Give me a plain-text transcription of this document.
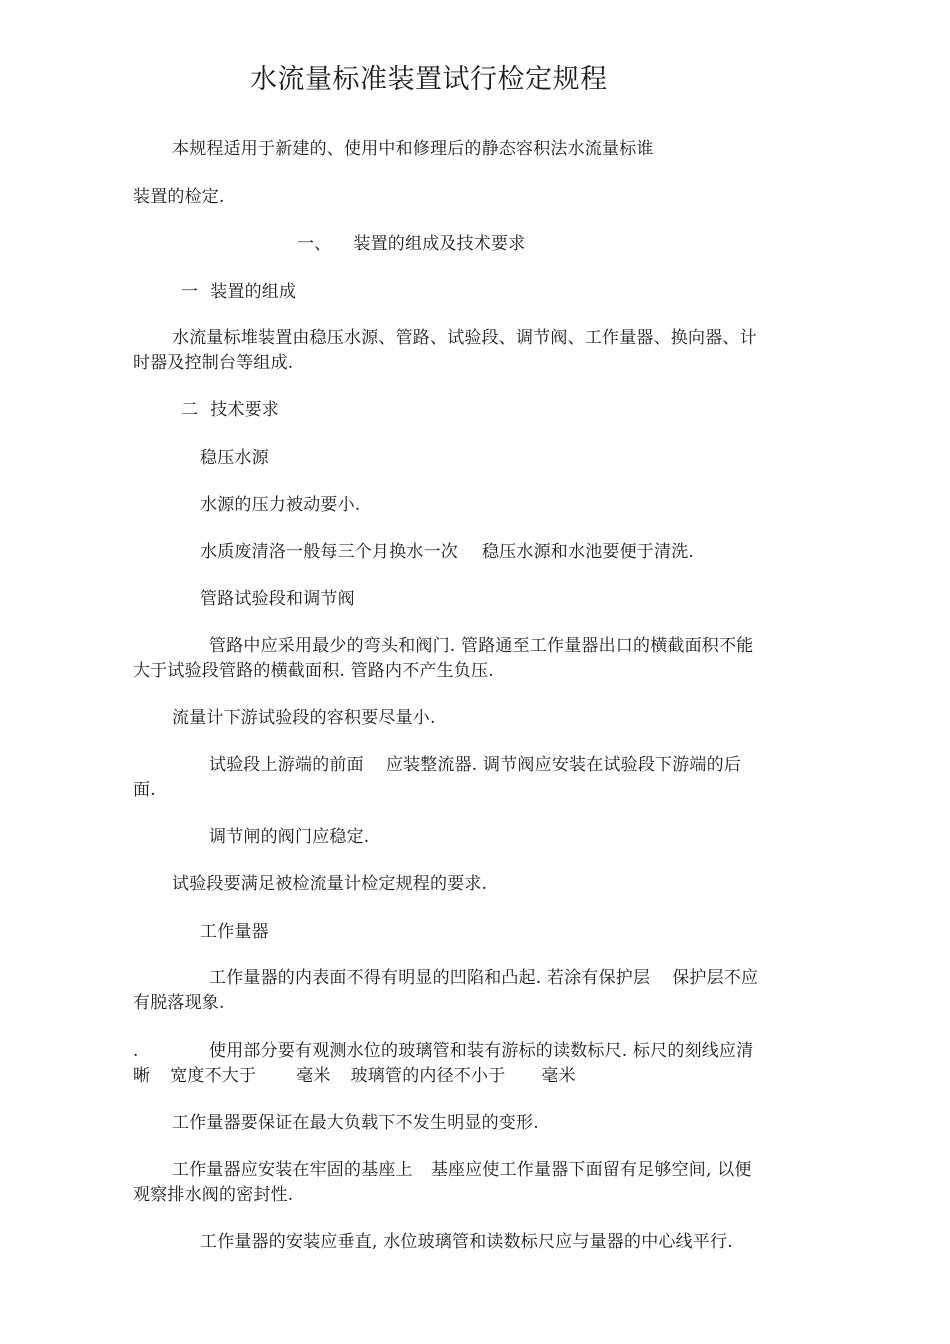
水流量标准装置试行检定规程
本规程适用于新建的、使用中和修理后的静态容积法水流量标谁
装置的检定.
一、 装置的组成及技术要求
一 装置的组成
水流量标堆装置由稳压水源、管路、试验段、调节阀、工作量器、换向器、计
时器及控制台等组成.
二 技术要求
稳压水源
水源的压力被动要小.
水质废清洛一般每三个月换水一次 稳压水源和水池要便于清洗.
管路试验段和调节阀
管路中应采用最少的弯头和阀门. 管路通至工作量器出口的横截面积不能
大于试验段管路的横截面积. 管路内不产生负压.
流量计下游试验段的容积要尽量小.
试验段上游端的前面 应装整流器. 调节阀应安装在试验段下游端的后
面.
调节闸的阀门应稳定.
试验段要满足被检流量计检定规程的要求.
工作量器
工作量器的内表面不得有明显的凹陷和凸起. 若涂有保护层 保护层不应
有脱落现象.
.	使用部分要有观测水位的玻璃管和装有游标的读数标尺. 标尺的刻线应清
晰 宽度不大于 毫米 玻璃管的内径不小于 毫米
工作量器要保证在最大负载下不发生明显的变形.
工作量器应安装在牢固的基座上 基座应使工作量器下面留有足够空间, 以便
观察排水阀的密封性.
工作量器的安装应垂直, 水位玻璃管和读数标尺应与量器的中心线平行.
